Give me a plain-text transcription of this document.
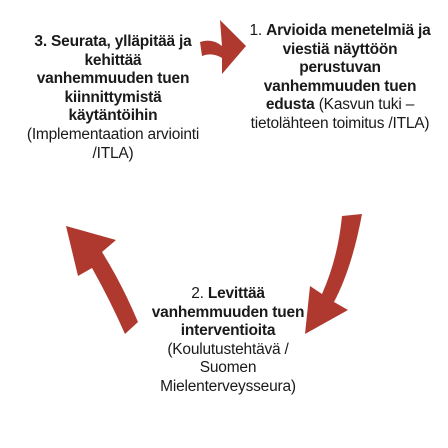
3. Seurata, ylläpitää ja kehittää vanhemmuuden tuen kiinnittymistä käytäntöihin (Implementaation arviointi /ITLA)
1. Arvioida menetelmiä ja viestiä näyttöön perustuvan vanhemmuuden tuen edusta (Kasvun tuki – tietolähteen toimitus /ITLA)
2. Levittää vanhemmuuden tuen interventioita (Koulutustehtävä / Suomen Mielenterveysseura)
